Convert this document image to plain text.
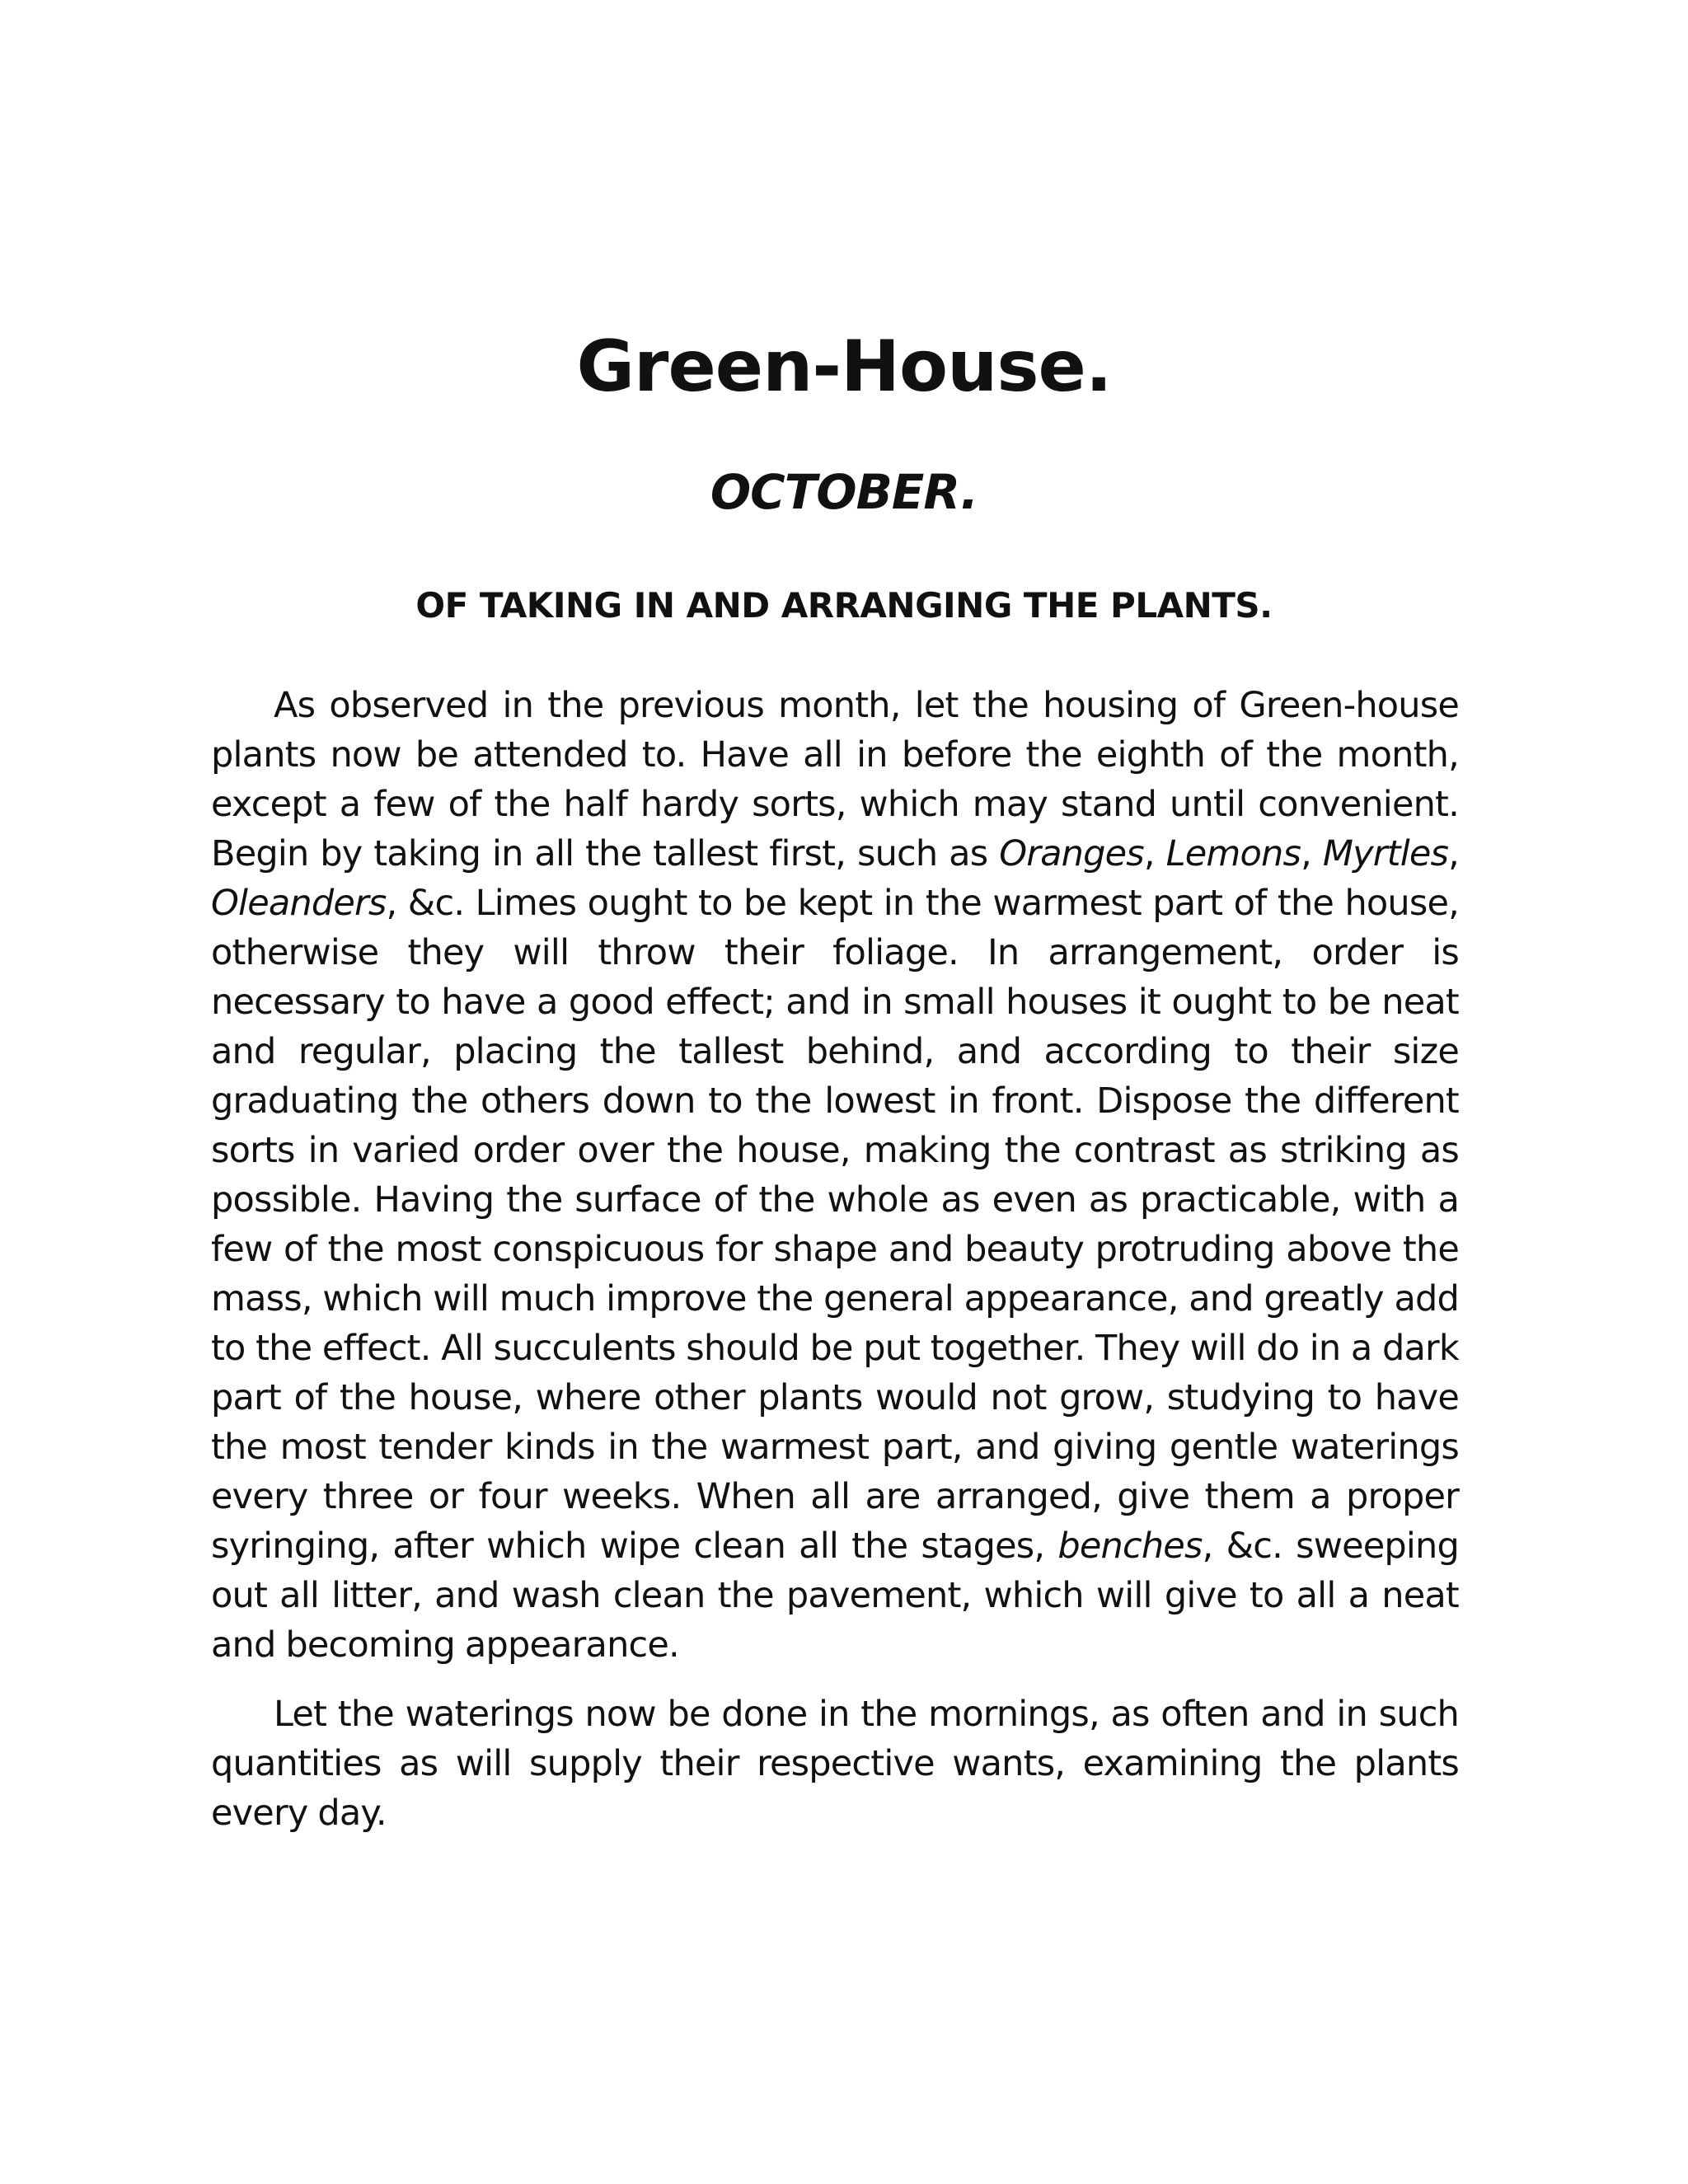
Green-House.
OCTOBER.
OF TAKING IN AND ARRANGING THE PLANTS.

As observed in the previous month, let the housing of Green-house plants now be attended to. Have all in before the eighth of the month, except a few of the half hardy sorts, which may stand until convenient. Begin by taking in all the tallest first, such as Oranges, Lemons, Myrtles, Oleanders, &c. Limes ought to be kept in the warmest part of the house, otherwise they will throw their foliage. In arrangement, order is necessary to have a good effect; and in small houses it ought to be neat and regular, placing the tallest behind, and according to their size graduating the others down to the lowest in front. Dispose the different sorts in varied order over the house, making the contrast as striking as possible. Having the surface of the whole as even as practicable, with a few of the most conspicuous for shape and beauty protruding above the mass, which will much improve the general appearance, and greatly add to the effect. All succulents should be put together. They will do in a dark part of the house, where other plants would not grow, studying to have the most tender kinds in the warmest part, and giving gentle waterings every three or four weeks. When all are arranged, give them a proper syringing, after which wipe clean all the stages, benches, &c. sweeping out all litter, and wash clean the pavement, which will give to all a neat and becoming appearance.

Let the waterings now be done in the mornings, as often and in such quantities as will supply their respective wants, examining the plants every day.
